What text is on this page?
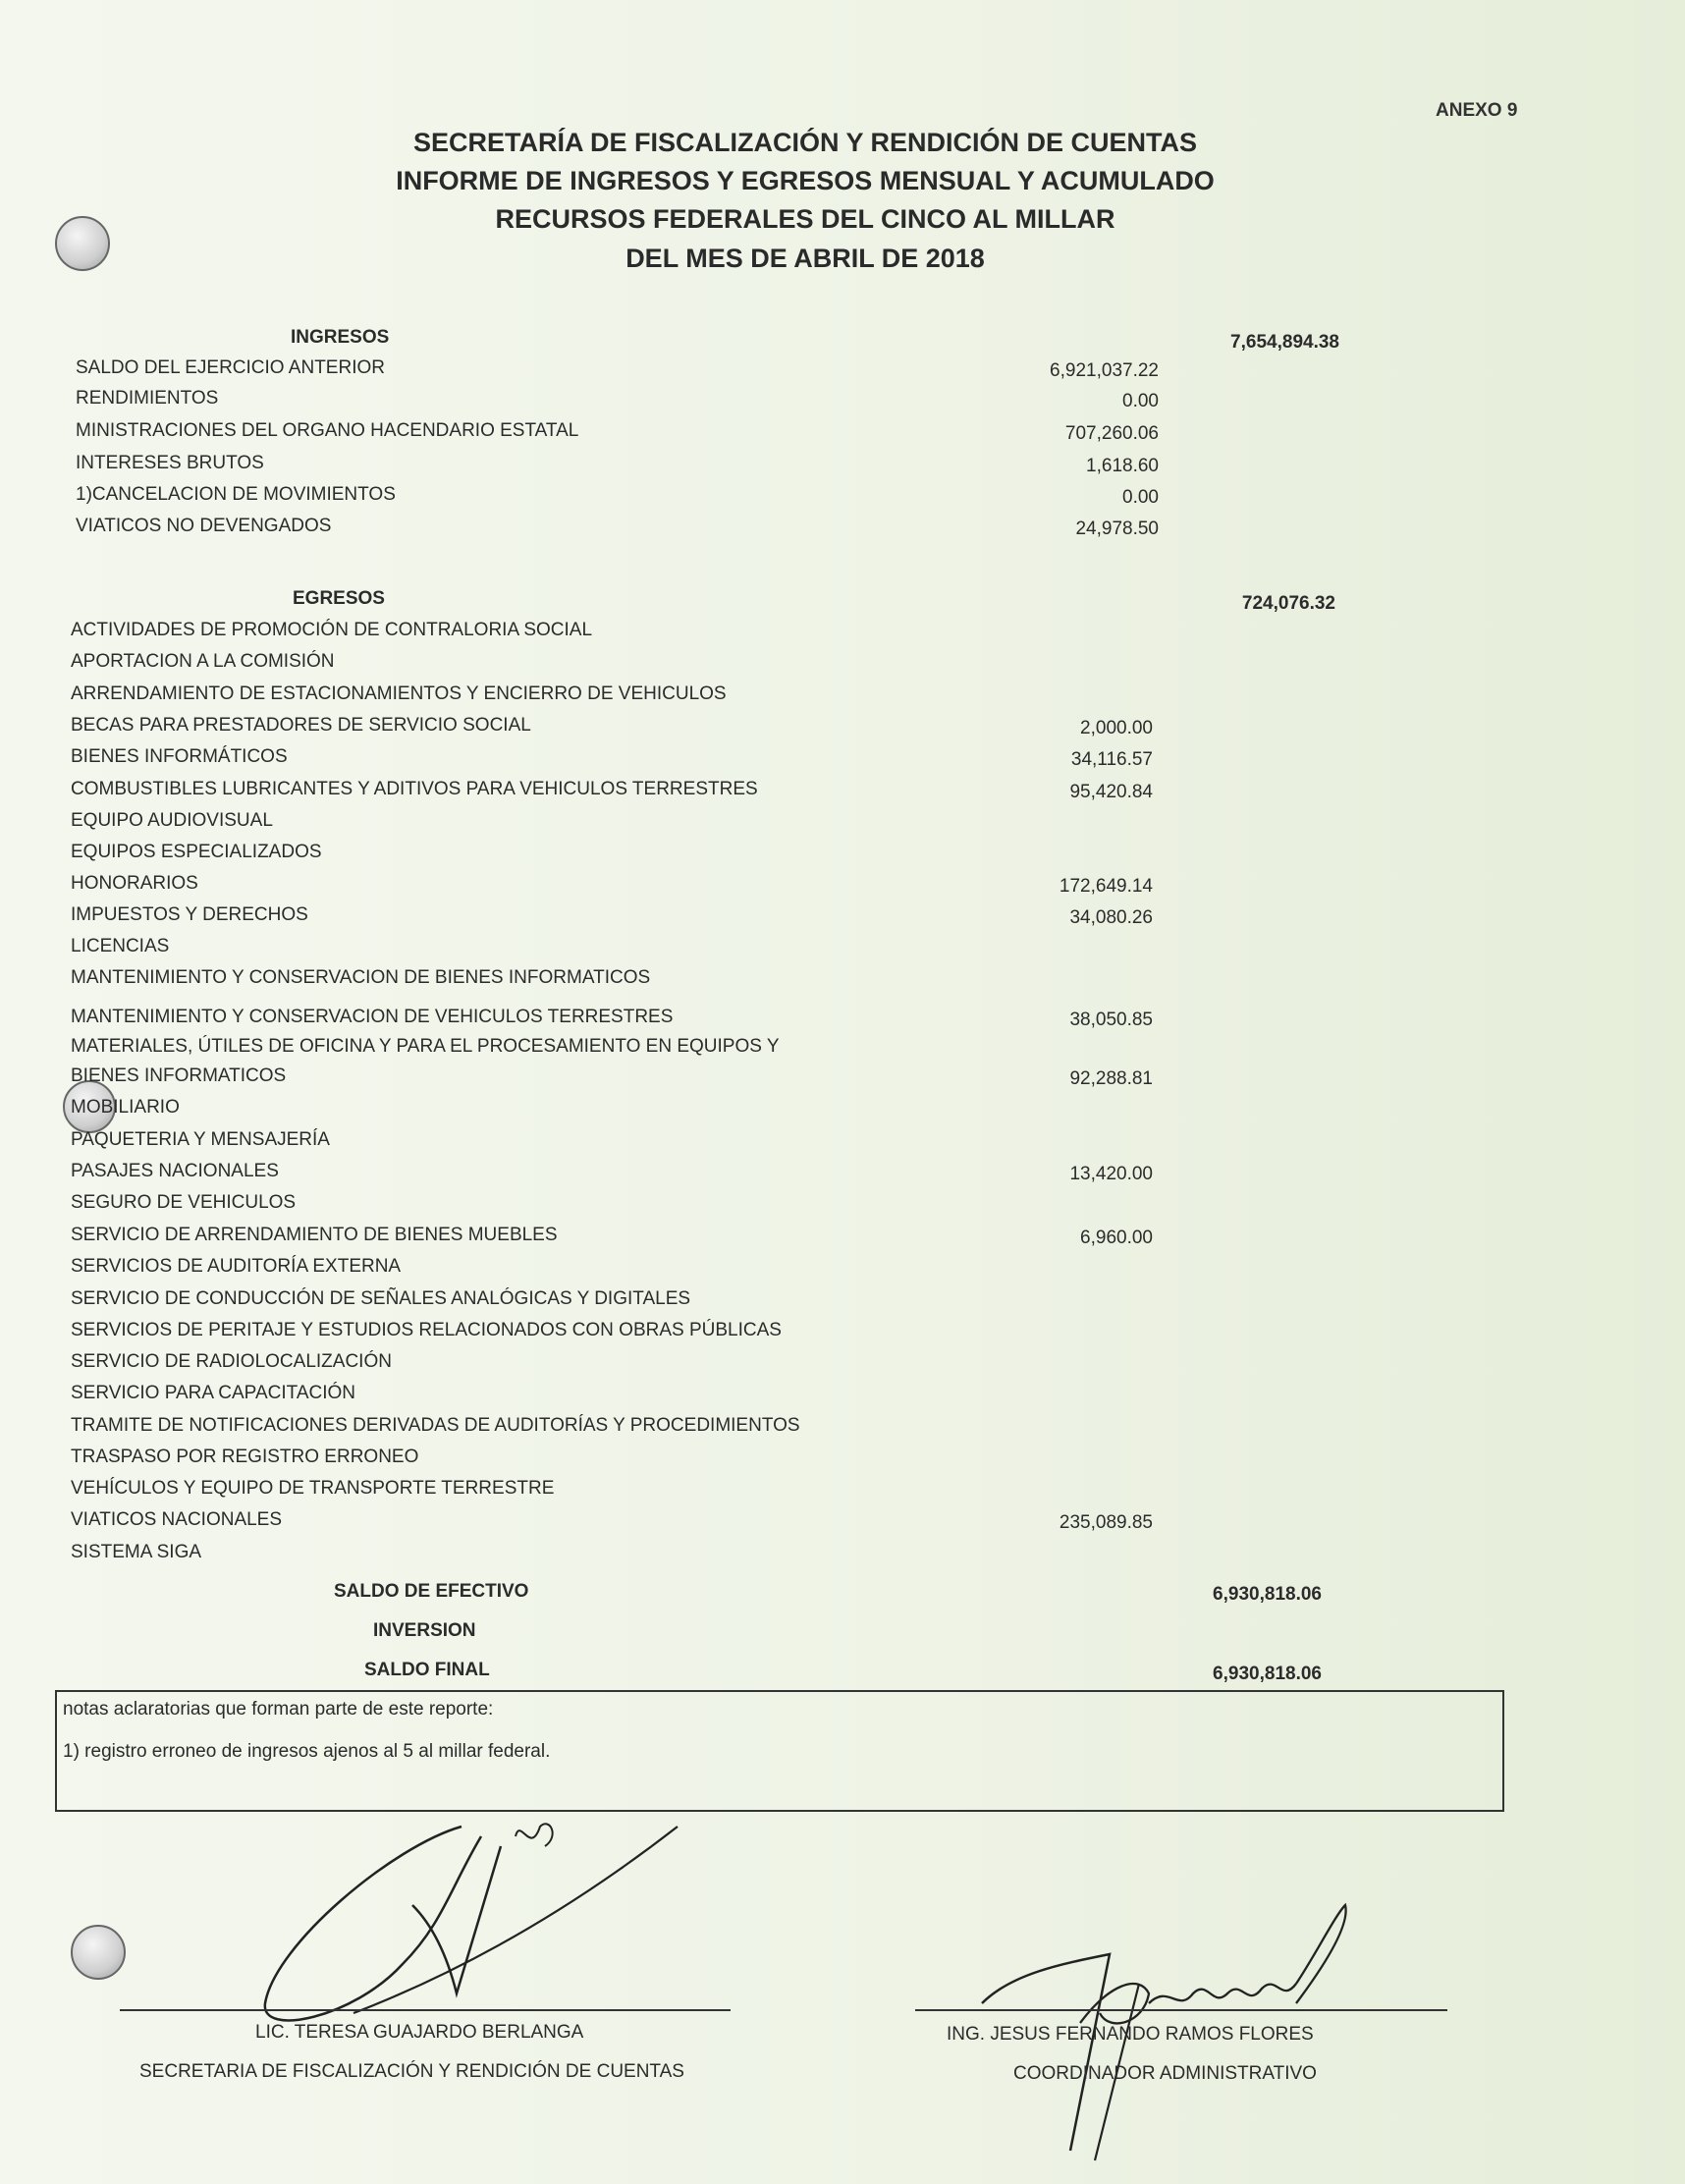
ANEXO 9
SECRETARÍA DE FISCALIZACIÓN Y RENDICIÓN DE CUENTAS
INFORME DE INGRESOS Y EGRESOS MENSUAL Y ACUMULADO
RECURSOS FEDERALES DEL CINCO AL MILLAR
DEL MES DE ABRIL DE 2018
INGRESOS	7,654,894.38
SALDO DEL EJERCICIO ANTERIOR	6,921,037.22
RENDIMIENTOS	0.00
MINISTRACIONES DEL ORGANO HACENDARIO ESTATAL	707,260.06
INTERESES BRUTOS	1,618.60
1)CANCELACION DE MOVIMIENTOS	0.00
VIATICOS NO DEVENGADOS	24,978.50
EGRESOS	724,076.32
ACTIVIDADES DE PROMOCIÓN DE CONTRALORIA SOCIAL
APORTACION A LA COMISIÓN
ARRENDAMIENTO DE ESTACIONAMIENTOS Y ENCIERRO DE VEHICULOS
BECAS PARA PRESTADORES DE SERVICIO SOCIAL	2,000.00
BIENES INFORMÁTICOS	34,116.57
COMBUSTIBLES LUBRICANTES Y ADITIVOS PARA VEHICULOS TERRESTRES	95,420.84
EQUIPO AUDIOVISUAL
EQUIPOS ESPECIALIZADOS
HONORARIOS	172,649.14
IMPUESTOS Y DERECHOS	34,080.26
LICENCIAS
MANTENIMIENTO Y CONSERVACION DE BIENES INFORMATICOS
MANTENIMIENTO Y CONSERVACION DE VEHICULOS TERRESTRES	38,050.85
MATERIALES, ÚTILES DE OFICINA Y PARA EL PROCESAMIENTO EN EQUIPOS Y
BIENES INFORMATICOS	92,288.81
MOBILIARIO
PAQUETERIA Y MENSAJERÍA
PASAJES NACIONALES	13,420.00
SEGURO DE VEHICULOS
SERVICIO DE ARRENDAMIENTO DE BIENES MUEBLES	6,960.00
SERVICIOS DE AUDITORÍA EXTERNA
SERVICIO DE CONDUCCIÓN DE SEÑALES ANALÓGICAS Y DIGITALES
SERVICIOS DE PERITAJE Y ESTUDIOS RELACIONADOS CON OBRAS PÚBLICAS
SERVICIO DE RADIOLOCALIZACIÓN
SERVICIO PARA CAPACITACIÓN
TRAMITE DE NOTIFICACIONES DERIVADAS DE AUDITORÍAS Y PROCEDIMIENTOS
TRASPASO POR REGISTRO ERRONEO
VEHÍCULOS Y EQUIPO DE TRANSPORTE TERRESTRE
VIATICOS NACIONALES	235,089.85
SISTEMA SIGA
SALDO DE EFECTIVO	6,930,818.06
INVERSION
SALDO FINAL	6,930,818.06
notas aclaratorias que forman parte de este reporte:
1) registro erroneo de ingresos ajenos al 5 al millar federal.
LIC. TERESA GUAJARDO BERLANGA
SECRETARIA DE FISCALIZACIÓN Y RENDICIÓN DE CUENTAS
ING. JESUS FERNANDO RAMOS FLORES
COORDINADOR ADMINISTRATIVO
